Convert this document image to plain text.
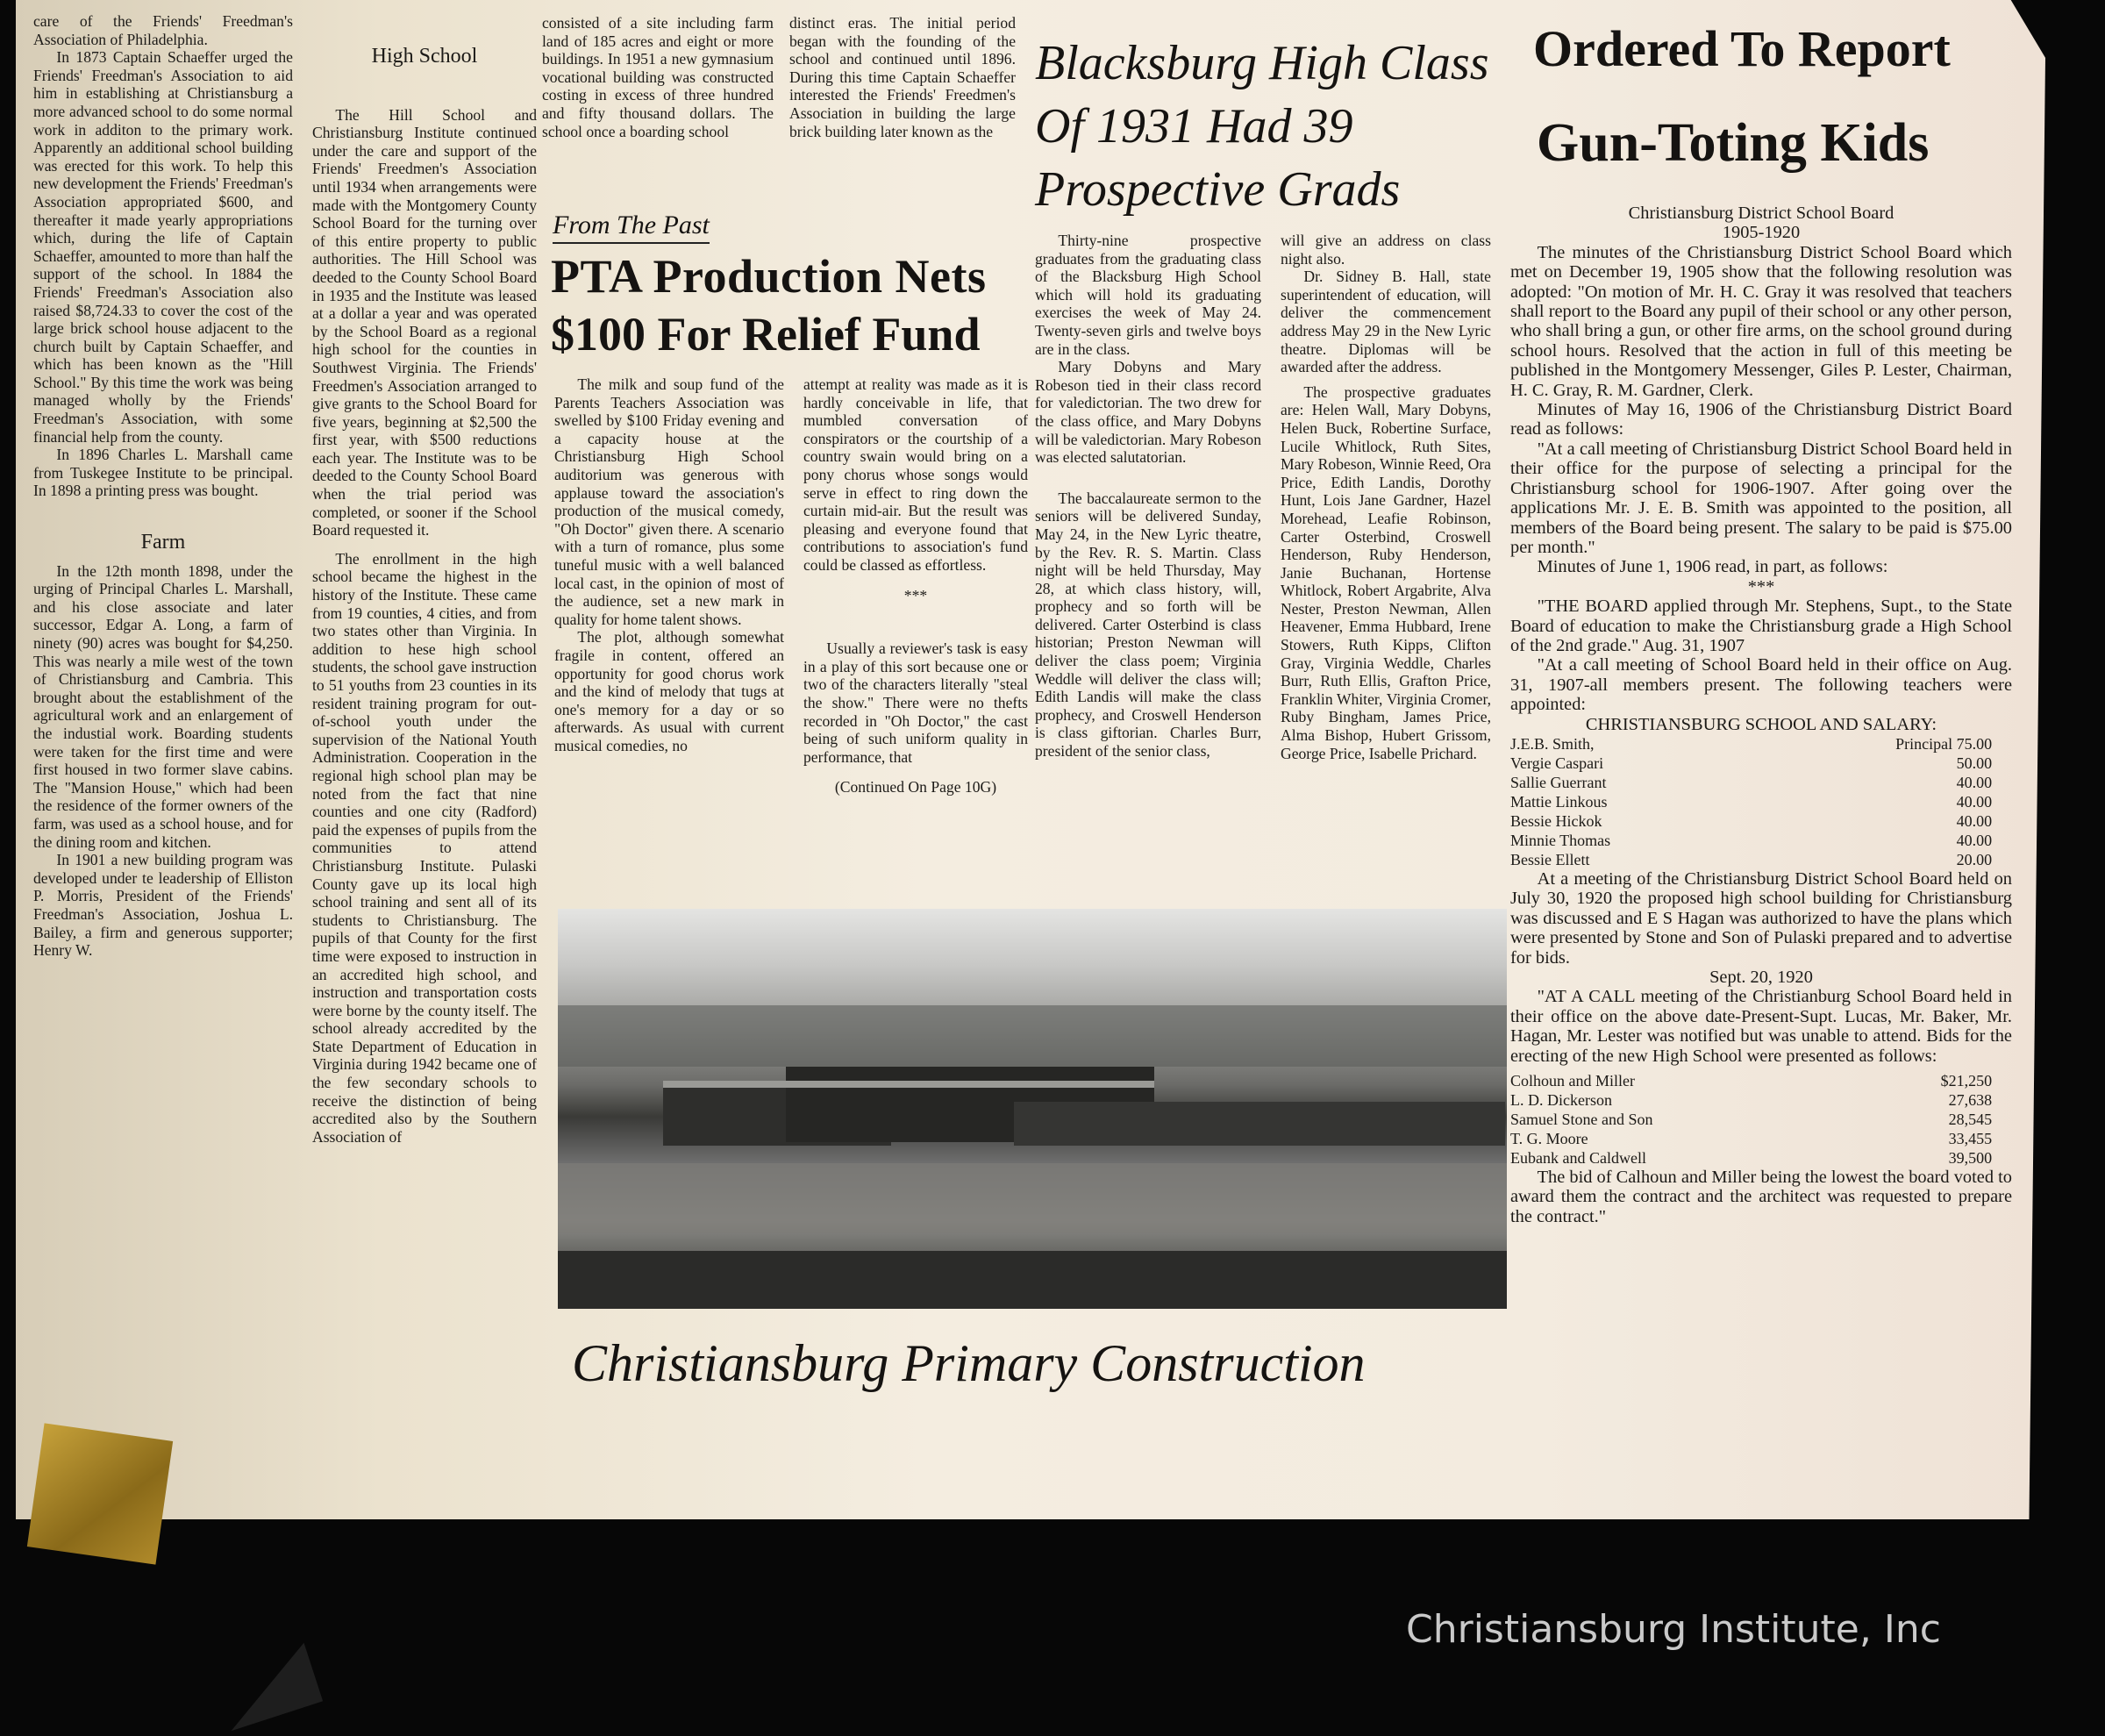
care of the Friends' Freedman's Association of Philadelphia.

In 1873 Captain Schaeffer urged the Friends' Freedman's Association to aid him in establishing at Christiansburg a more advanced school to do some normal work in additon to the primary work. Apparently an additional school building was erected for this work. To help this new development the Friends' Freedman's Association appropriated $600, and thereafter it made yearly appropriations which, during the life of Captain Schaeffer, amounted to more than half the support of the school. In 1884 the Friends' Freedman's Association also raised $8,724.33 to cover the cost of the large brick school house adjacent to the church built by Captain Schaeffer, and which has been known as the "Hill School." By this time the work was being managed wholly by the Friends' Freedman's Association, with some financial help from the county.

In 1896 Charles L. Marshall came from Tuskegee Institute to be principal. In 1898 a printing press was bought.

Farm

In the 12th month 1898, under the urging of Principal Charles L. Marshall, and his close associate and later successor, Edgar A. Long, a farm of ninety (90) acres was bought for $4,250. This was nearly a mile west of the town of Christiansburg and Cambria. This brought about the establishment of the agricultural work and an enlargement of the industial work. Boarding students were taken for the first time and were first housed in two former slave cabins. The "Mansion House," which had been the residence of the former owners of the farm, was used as a school house, and for the dining room and kitchen.

In 1901 a new building program was developed under te leadership of Elliston P. Morris, President of the Friends' Freedman's Association, Joshua L. Bailey, a firm and generous supporter; Henry W.

High School

The Hill School and Christiansburg Institute continued under the care and support of the Friends' Freedmen's Association until 1934 when arrangements were made with the Montgomery County School Board for the turning over of this entire property to public authorities. The Hill School was deeded to the County School Board in 1935 and the Institute was leased at a dollar a year and was operated by the School Board as a regional high school for the counties in Southwest Virginia. The Friends' Freedmen's Association arranged to give grants to the School Board for five years, beginning at $2,500 the first year, with $500 reductions each year. The Institute was to be deeded to the County School Board when the trial period was completed, or sooner if the School Board requested it.

The enrollment in the high school became the highest in the history of the Institute. These came from 19 counties, 4 cities, and from two states other than Virginia. In addition to hese high school students, the school gave instruction to 51 youths from 23 counties in its resident training program for out-of-school youth under the supervision of the National Youth Administration. Cooperation in the regional high school plan may be noted from the fact that nine counties and one city (Radford) paid the expenses of pupils from the communities to attend Christiansburg Institute. Pulaski County gave up its local high school training and sent all of its students to Christiansburg. The pupils of that County for the first time were exposed to instruction in an accredited high school, and instruction and transportation costs were borne by the county itself. The school already accredited by the State Department of Education in Virginia during 1942 became one of the few secondary schools to receive the distinction of being accredited also by the Southern Association of

consisted of a site including farm land of 185 acres and eight or more buildings. In 1951 a new gymnasium vocational building was constructed costing in excess of three hundred and fifty thousand dollars. The school once a boarding school

distinct eras. The initial period began with the founding of the school and continued until 1896. During this time Captain Schaeffer interested the Friends' Freedmen's Association in building the large brick building later known as the

From The Past
PTA Production Nets
$100 For Relief Fund

The milk and soup fund of the Parents Teachers Association was swelled by $100 Friday evening and a capacity house at the Christiansburg High School auditorium was generous with applause toward the association's production of the musical comedy, "Oh Doctor" given there. A scenario with a turn of romance, plus some tuneful music with a well balanced local cast, in the opinion of most of the audience, set a new mark in quality for home talent shows.

The plot, although somewhat fragile in content, offered an opportunity for good chorus work and the kind of melody that tugs at one's memory for a day or so afterwards. As usual with current musical comedies, no

attempt at reality was made as it is hardly conceivable in life, that mumbled conversation of conspirators or the courtship of a country swain would bring on a pony chorus whose songs would serve in effect to ring down the curtain mid-air. But the result was pleasing and everyone found that contributions to association's fund could be classed as effortless.

***

Usually a reviewer's task is easy in a play of this sort because one or two of the characters literally "steal the show." There were no thefts recorded in "Oh Doctor," the cast being of such uniform quality in performance, that

(Continued On Page 10G)
Blacksburg High Class
Of 1931 Had 39
Prospective Grads

Thirty-nine prospective graduates from the graduating class of the Blacksburg High School which will hold its graduating exercises the week of May 24. Twenty-seven girls and twelve boys are in the class.

Mary Dobyns and Mary Robeson tied in their class record for valedictorian. The two drew for the class office, and Mary Dobyns will be valedictorian. Mary Robeson was elected salutatorian.

The baccalaureate sermon to the seniors will be delivered Sunday, May 24, in the New Lyric theatre, by the Rev. R. S. Martin. Class night will be held Thursday, May 28, at which class history, will, prophecy and so forth will be delivered. Carter Osterbind is class historian; Preston Newman will deliver the class poem; Virginia Weddle will deliver the class will; Edith Landis will make the class prophecy, and Croswell Henderson is class giftorian. Charles Burr, president of the senior class,

will give an address on class night also.

Dr. Sidney B. Hall, state superintendent of education, will deliver the commencement address May 29 in the New Lyric theatre. Diplomas will be awarded after the address.

The prospective graduates are: Helen Wall, Mary Dobyns, Helen Buck, Robertine Surface, Lucile Whitlock, Ruth Sites, Mary Robeson, Winnie Reed, Ora Price, Edith Landis, Dorothy Hunt, Lois Jane Gardner, Hazel Morehead, Leafie Robinson, Carter Osterbind, Croswell Henderson, Ruby Henderson, Janie Buchanan, Hortense Whitlock, Robert Argabrite, Alva Nester, Preston Newman, Allen Heavener, Emma Hubbard, Irene Stowers, Ruth Kipps, Clifton Gray, Virginia Weddle, Charles Burr, Ruth Ellis, Grafton Price, Franklin Whiter, Virginia Cromer, Ruby Bingham, James Price, Alma Bishop, Hubert Grissom, George Price, Isabelle Prichard.

Christiansburg Primary Construction
Ordered To Report
Gun-Toting Kids
Christiansburg District School Board
1905-1920

The minutes of the Christiansburg District School Board which met on December 19, 1905 show that the following resolution was adopted: "On motion of Mr. H. C. Gray it was resolved that teachers shall report to the Board any pupil of their school or any other person, who shall bring a gun, or other fire arms, on the school ground during school hours. Resolved that the action in full of this meeting be published in the Montgomery Messenger, Giles P. Lester, Chairman, H. C. Gray, R. M. Gardner, Clerk.

Minutes of May 16, 1906 of the Christiansburg District Board read as follows:

"At a call meeting of Christiansburg District School Board held in their office for the purpose of selecting a principal for the Christiansburg school for 1906-1907. After going over the applications Mr. J. E. B. Smith was appointed to the position, all members of the Board being present. The salary to be paid is $75.00 per month."

Minutes of June 1, 1906 read, in part, as follows:

***

"THE BOARD applied through Mr. Stephens, Supt., to the State Board of education to make the Christiansburg grade a High School of the 2nd grade." Aug. 31, 1907

"At a call meeting of School Board held in their office on Aug. 31, 1907-all members present. The following teachers were appointed:

CHRISTIANSBURG SCHOOL AND SALARY:
J.E.B. Smith,	Principal 75.00
Vergie Caspari	50.00
Sallie Guerrant	40.00
Mattie Linkous	40.00
Bessie Hickok	40.00
Minnie Thomas	40.00
Bessie Ellett	20.00

At a meeting of the Christiansburg District School Board held on July 30, 1920 the proposed high school building for Christiansburg was discussed and E S Hagan was authorized to have the plans which were presented by Stone and Son of Pulaski prepared and to advertise for bids.

Sept. 20, 1920

"AT A CALL meeting of the Christianburg School Board held in their office on the above date-Present-Supt. Lucas, Mr. Baker, Mr. Hagan, Mr. Lester was notified but was unable to attend. Bids for the erecting of the new High School were presented as follows:

Colhoun and Miller	$21,250
L. D. Dickerson	27,638
Samuel Stone and Son	28,545
T. G. Moore	33,455
Eubank and Caldwell	39,500

The bid of Calhoun and Miller being the lowest the board voted to award them the contract and the architect was requested to prepare the contract."

Christiansburg Institute, Inc
